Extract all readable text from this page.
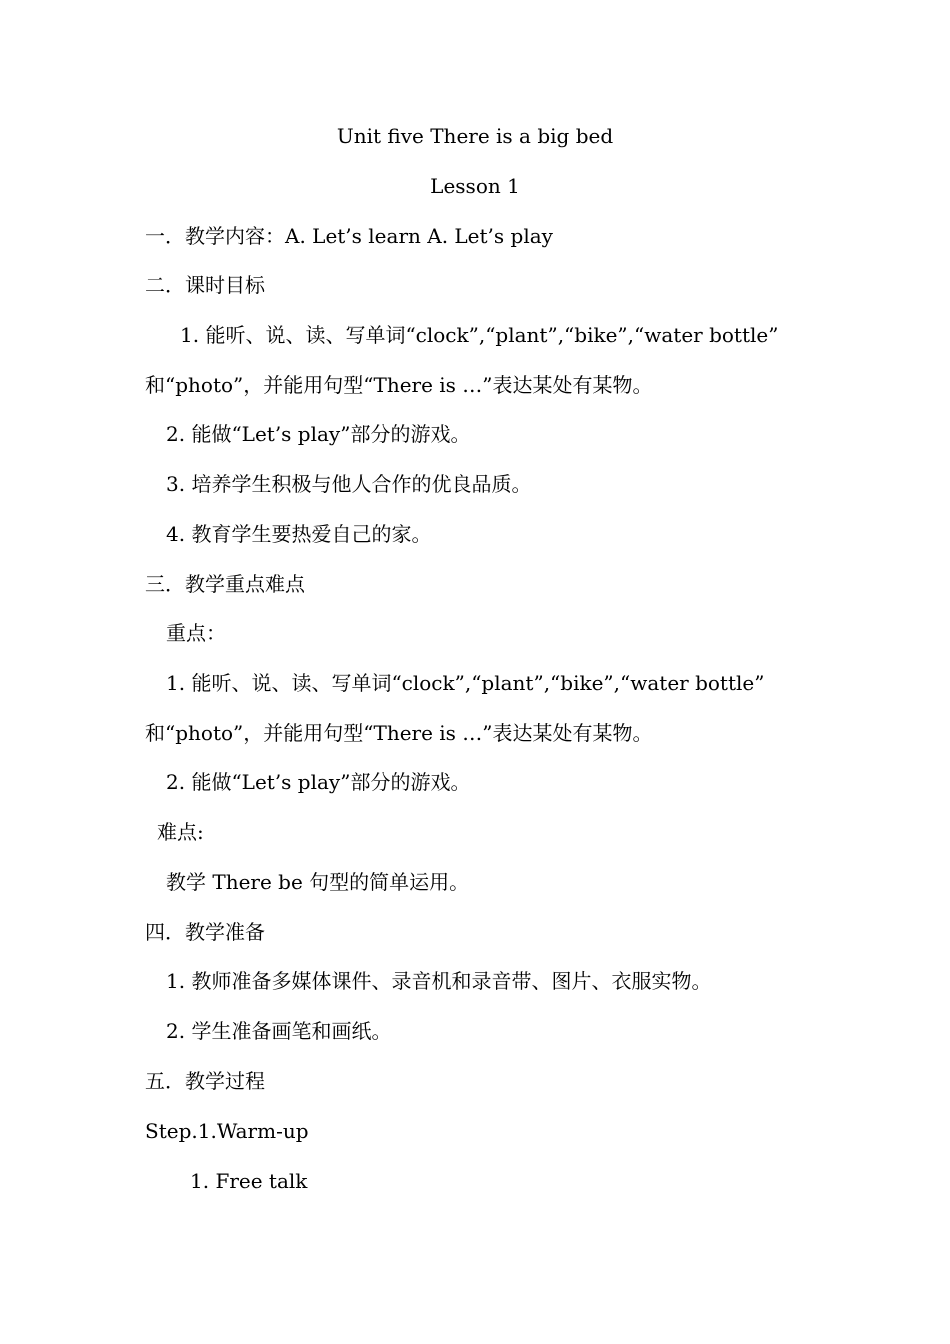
Unit five There is a big bed
Lesson 1
一．教学内容：A. Let’s learn A. Let’s play
二．课时目标
1. 能听、说、读、写单词“clock”,“plant”,“bike”,“water bottle”
和“photo”，并能用句型“There is …”表达某处有某物。
2. 能做“Let’s play”部分的游戏。
3. 培养学生积极与他人合作的优良品质。
4. 教育学生要热爱自己的家。
三．教学重点难点
重点：
1. 能听、说、读、写单词“clock”,“plant”,“bike”,“water bottle”
和“photo”，并能用句型“There is …”表达某处有某物。
2. 能做“Let’s play”部分的游戏。
难点:
教学 There be 句型的简单运用。
四．教学准备
1. 教师准备多媒体课件、录音机和录音带、图片、衣服实物。
2. 学生准备画笔和画纸。
五．教学过程
Step.1.Warm-up
1. Free talk
